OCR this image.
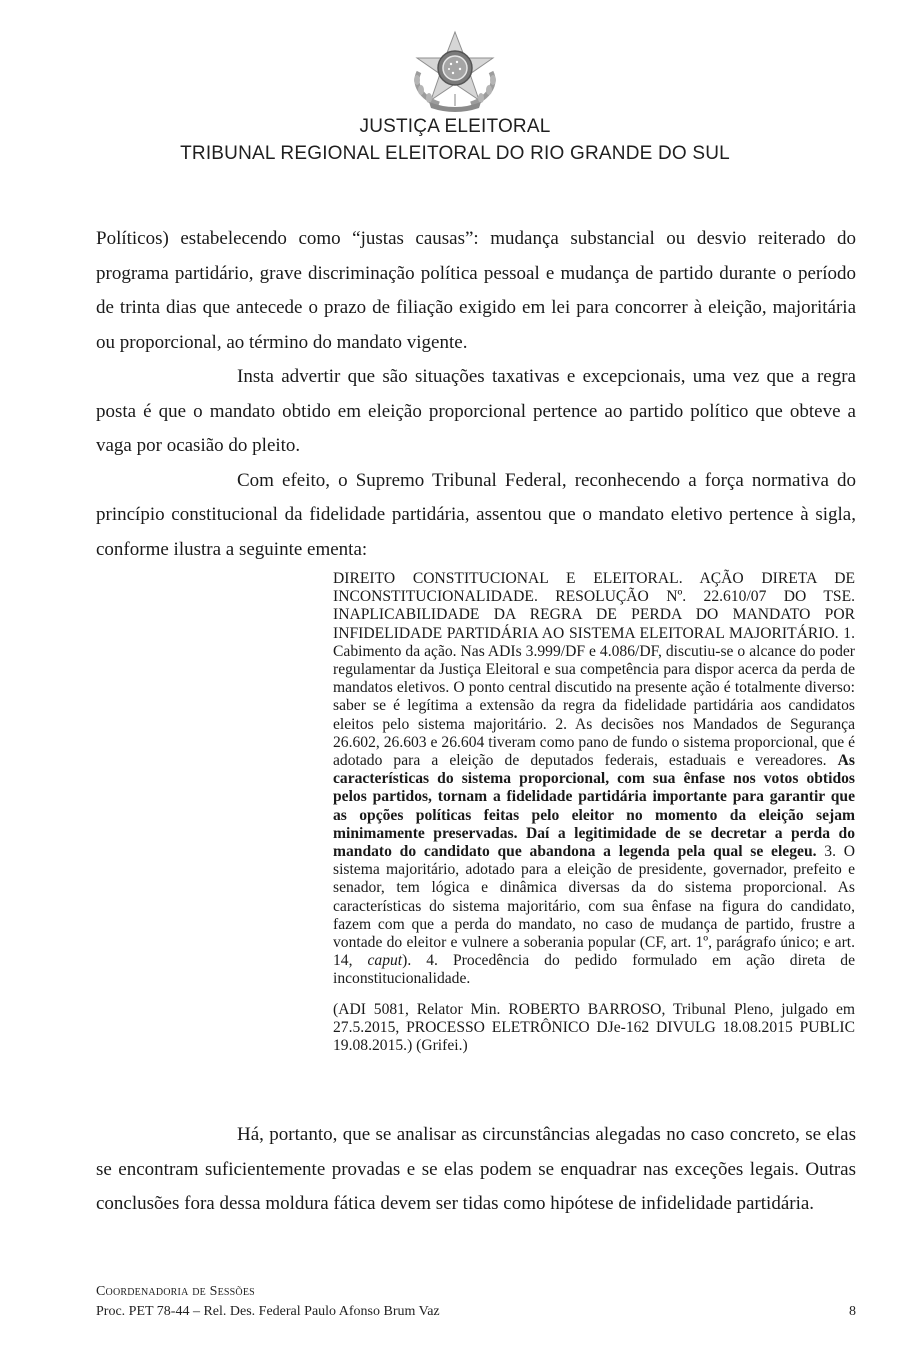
JUSTIÇA ELEITORAL
TRIBUNAL REGIONAL ELEITORAL DO RIO GRANDE DO SUL

Políticos) estabelecendo como “justas causas”: mudança substancial ou desvio reiterado do programa partidário, grave discriminação política pessoal e mudança de partido durante o período de trinta dias que antecede o prazo de filiação exigido em lei para concorrer à eleição, majoritária ou proporcional, ao término do mandato vigente.

Insta advertir que são situações taxativas e excepcionais, uma vez que a regra posta é que o mandato obtido em eleição proporcional pertence ao partido político que obteve a vaga por ocasião do pleito.

Com efeito, o Supremo Tribunal Federal, reconhecendo a força normativa do princípio constitucional da fidelidade partidária, assentou que o mandato eletivo pertence à sigla, conforme ilustra a seguinte ementa:

DIREITO CONSTITUCIONAL E ELEITORAL. AÇÃO DIRETA DE INCONSTITUCIONALIDADE. RESOLUÇÃO Nº. 22.610/07 DO TSE. INAPLICABILIDADE DA REGRA DE PERDA DO MANDATO POR INFIDELIDADE PARTIDÁRIA AO SISTEMA ELEITORAL MAJORITÁRIO. 1. Cabimento da ação. Nas ADIs 3.999/DF e 4.086/DF, discutiu-se o alcance do poder regulamentar da Justiça Eleitoral e sua competência para dispor acerca da perda de mandatos eletivos. O ponto central discutido na presente ação é totalmente diverso: saber se é legítima a extensão da regra da fidelidade partidária aos candidatos eleitos pelo sistema majoritário. 2. As decisões nos Mandados de Segurança 26.602, 26.603 e 26.604 tiveram como pano de fundo o sistema proporcional, que é adotado para a eleição de deputados federais, estaduais e vereadores. As características do sistema proporcional, com sua ênfase nos votos obtidos pelos partidos, tornam a fidelidade partidária importante para garantir que as opções políticas feitas pelo eleitor no momento da eleição sejam minimamente preservadas. Daí a legitimidade de se decretar a perda do mandato do candidato que abandona a legenda pela qual se elegeu. 3. O sistema majoritário, adotado para a eleição de presidente, governador, prefeito e senador, tem lógica e dinâmica diversas da do sistema proporcional. As características do sistema majoritário, com sua ênfase na figura do candidato, fazem com que a perda do mandato, no caso de mudança de partido, frustre a vontade do eleitor e vulnere a soberania popular (CF, art. 1º, parágrafo único; e art. 14, caput). 4. Procedência do pedido formulado em ação direta de inconstitucionalidade.

(ADI 5081, Relator Min. ROBERTO BARROSO, Tribunal Pleno, julgado em 27.5.2015, PROCESSO ELETRÔNICO DJe-162 DIVULG 18.08.2015 PUBLIC 19.08.2015.) (Grifei.)

Há, portanto, que se analisar as circunstâncias alegadas no caso concreto, se elas se encontram suficientemente provadas e se elas podem se enquadrar nas exceções legais. Outras conclusões fora dessa moldura fática devem ser tidas como hipótese de infidelidade partidária.

Coordenadoria de Sessões
Proc. PET 78-44 – Rel. Des. Federal Paulo Afonso Brum Vaz	8
